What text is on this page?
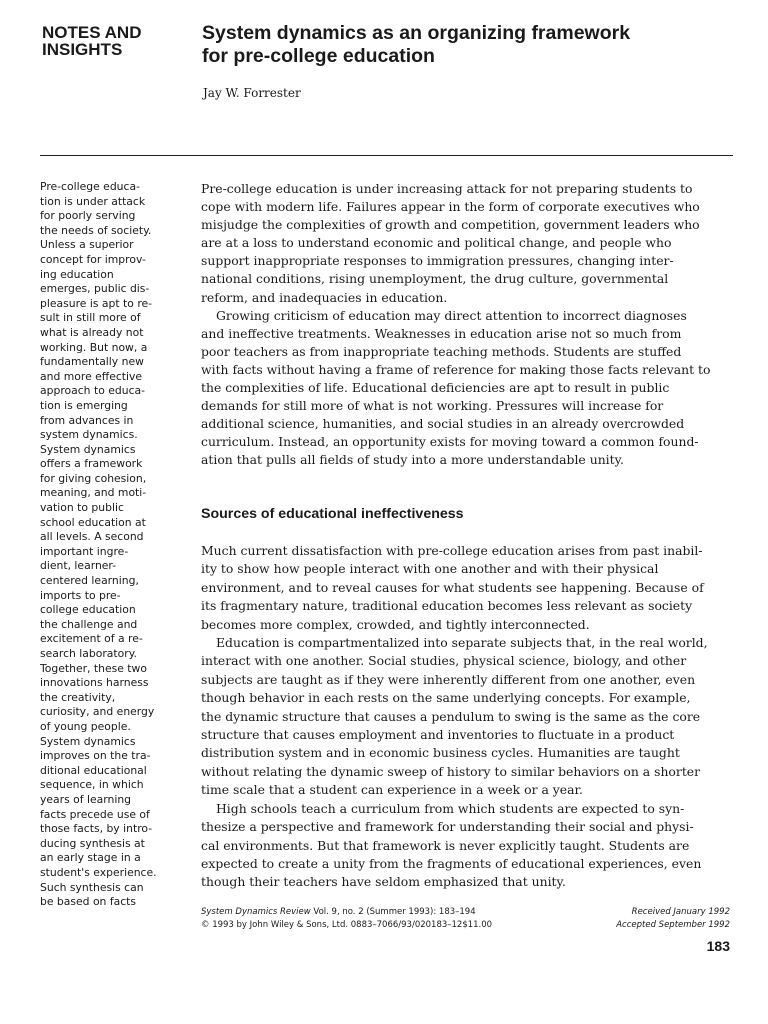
NOTES AND
INSIGHTS
System dynamics as an organizing framework
for pre-college education

Jay W. Forrester

Pre-college educa-
tion is under attack
for poorly serving
the needs of society.
Unless a superior
concept for improv-
ing education
emerges, public dis-
pleasure is apt to re-
sult in still more of
what is already not
working. But now, a
fundamentally new
and more effective
approach to educa-
tion is emerging
from advances in
system dynamics.
System dynamics
offers a framework
for giving cohesion,
meaning, and moti-
vation to public
school education at
all levels. A second
important ingre-
dient, learner-
centered learning,
imports to pre-
college education
the challenge and
excitement of a re-
search laboratory.
Together, these two
innovations harness
the creativity,
curiosity, and energy
of young people.
System dynamics
improves on the tra-
ditional educational
sequence, in which
years of learning
facts precede use of
those facts, by intro-
ducing synthesis at
an early stage in a
student's experience.
Such synthesis can
be based on facts
Pre-college education is under increasing attack for not preparing students to
cope with modern life. Failures appear in the form of corporate executives who
misjudge the complexities of growth and competition, government leaders who
are at a loss to understand economic and political change, and people who
support inappropriate responses to immigration pressures, changing inter-
national conditions, rising unemployment, the drug culture, governmental
reform, and inadequacies in education.
Growing criticism of education may direct attention to incorrect diagnoses
and ineffective treatments. Weaknesses in education arise not so much from
poor teachers as from inappropriate teaching methods. Students are stuffed
with facts without having a frame of reference for making those facts relevant to
the complexities of life. Educational deficiencies are apt to result in public
demands for still more of what is not working. Pressures will increase for
additional science, humanities, and social studies in an already overcrowded
curriculum. Instead, an opportunity exists for moving toward a common found-
ation that pulls all fields of study into a more understandable unity.
Sources of educational ineffectiveness
Much current dissatisfaction with pre-college education arises from past inabil-
ity to show how people interact with one another and with their physical
environment, and to reveal causes for what students see happening. Because of
its fragmentary nature, traditional education becomes less relevant as society
becomes more complex, crowded, and tightly interconnected.
Education is compartmentalized into separate subjects that, in the real world,
interact with one another. Social studies, physical science, biology, and other
subjects are taught as if they were inherently different from one another, even
though behavior in each rests on the same underlying concepts. For example,
the dynamic structure that causes a pendulum to swing is the same as the core
structure that causes employment and inventories to fluctuate in a product
distribution system and in economic business cycles. Humanities are taught
without relating the dynamic sweep of history to similar behaviors on a shorter
time scale that a student can experience in a week or a year.
High schools teach a curriculum from which students are expected to syn-
thesize a perspective and framework for understanding their social and physi-
cal environments. But that framework is never explicitly taught. Students are
expected to create a unity from the fragments of educational experiences, even
though their teachers have seldom emphasized that unity.
System Dynamics Review Vol. 9, no. 2 (Summer 1993): 183–194
© 1993 by John Wiley & Sons, Ltd. 0883–7066/93/020183–12$11.00
Received January 1992
Accepted September 1992
183
